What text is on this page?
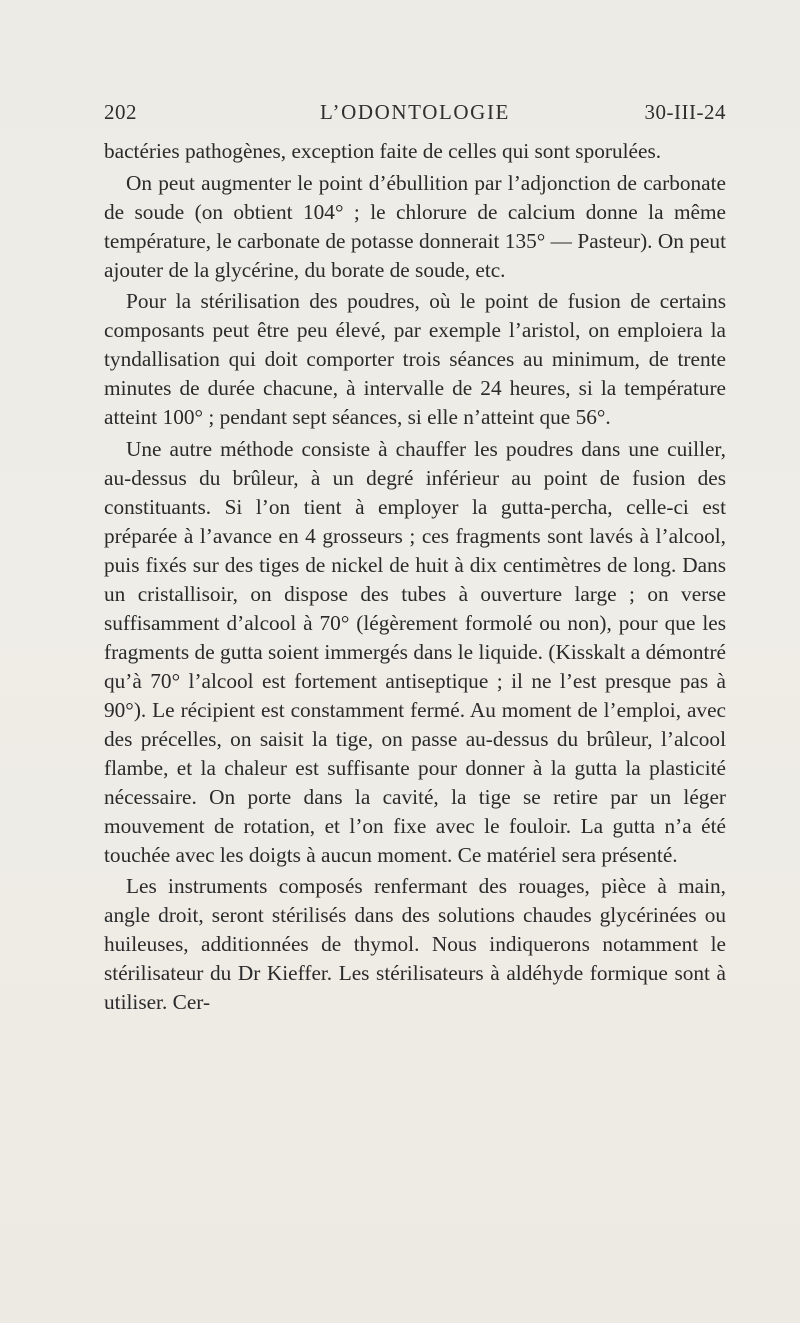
202	L’ODONTOLOGIE	30-III-24

bactéries pathogènes, exception faite de celles qui sont sporulées.

On peut augmenter le point d’ébullition par l’adjonction de carbonate de soude (on obtient 104° ; le chlorure de calcium donne la même température, le carbonate de potasse donnerait 135° — Pasteur). On peut ajouter de la glycérine, du borate de soude, etc.

Pour la stérilisation des poudres, où le point de fusion de certains composants peut être peu élevé, par exemple l’aristol, on emploiera la tyndallisation qui doit comporter trois séances au minimum, de trente minutes de durée chacune, à intervalle de 24 heures, si la température atteint 100° ; pendant sept séances, si elle n’atteint que 56°.

Une autre méthode consiste à chauffer les poudres dans une cuiller, au-dessus du brûleur, à un degré inférieur au point de fusion des constituants. Si l’on tient à employer la gutta-percha, celle-ci est préparée à l’avance en 4 grosseurs ; ces fragments sont lavés à l’alcool, puis fixés sur des tiges de nickel de huit à dix centimètres de long. Dans un cristallisoir, on dispose des tubes à ouverture large ; on verse suffisamment d’alcool à 70° (légèrement formolé ou non), pour que les fragments de gutta soient immergés dans le liquide. (Kisskalt a démontré qu’à 70° l’alcool est fortement antiseptique ; il ne l’est presque pas à 90°). Le récipient est constamment fermé. Au moment de l’emploi, avec des précelles, on saisit la tige, on passe au-dessus du brûleur, l’alcool flambe, et la chaleur est suffisante pour donner à la gutta la plasticité nécessaire. On porte dans la cavité, la tige se retire par un léger mouvement de rotation, et l’on fixe avec le fouloir. La gutta n’a été touchée avec les doigts à aucun moment. Ce matériel sera présenté.

Les instruments composés renfermant des rouages, pièce à main, angle droit, seront stérilisés dans des solutions chaudes glycérinées ou huileuses, additionnées de thymol. Nous indiquerons notamment le stérilisateur du Dr Kieffer. Les stérilisateurs à aldéhyde formique sont à utiliser. Cer-
